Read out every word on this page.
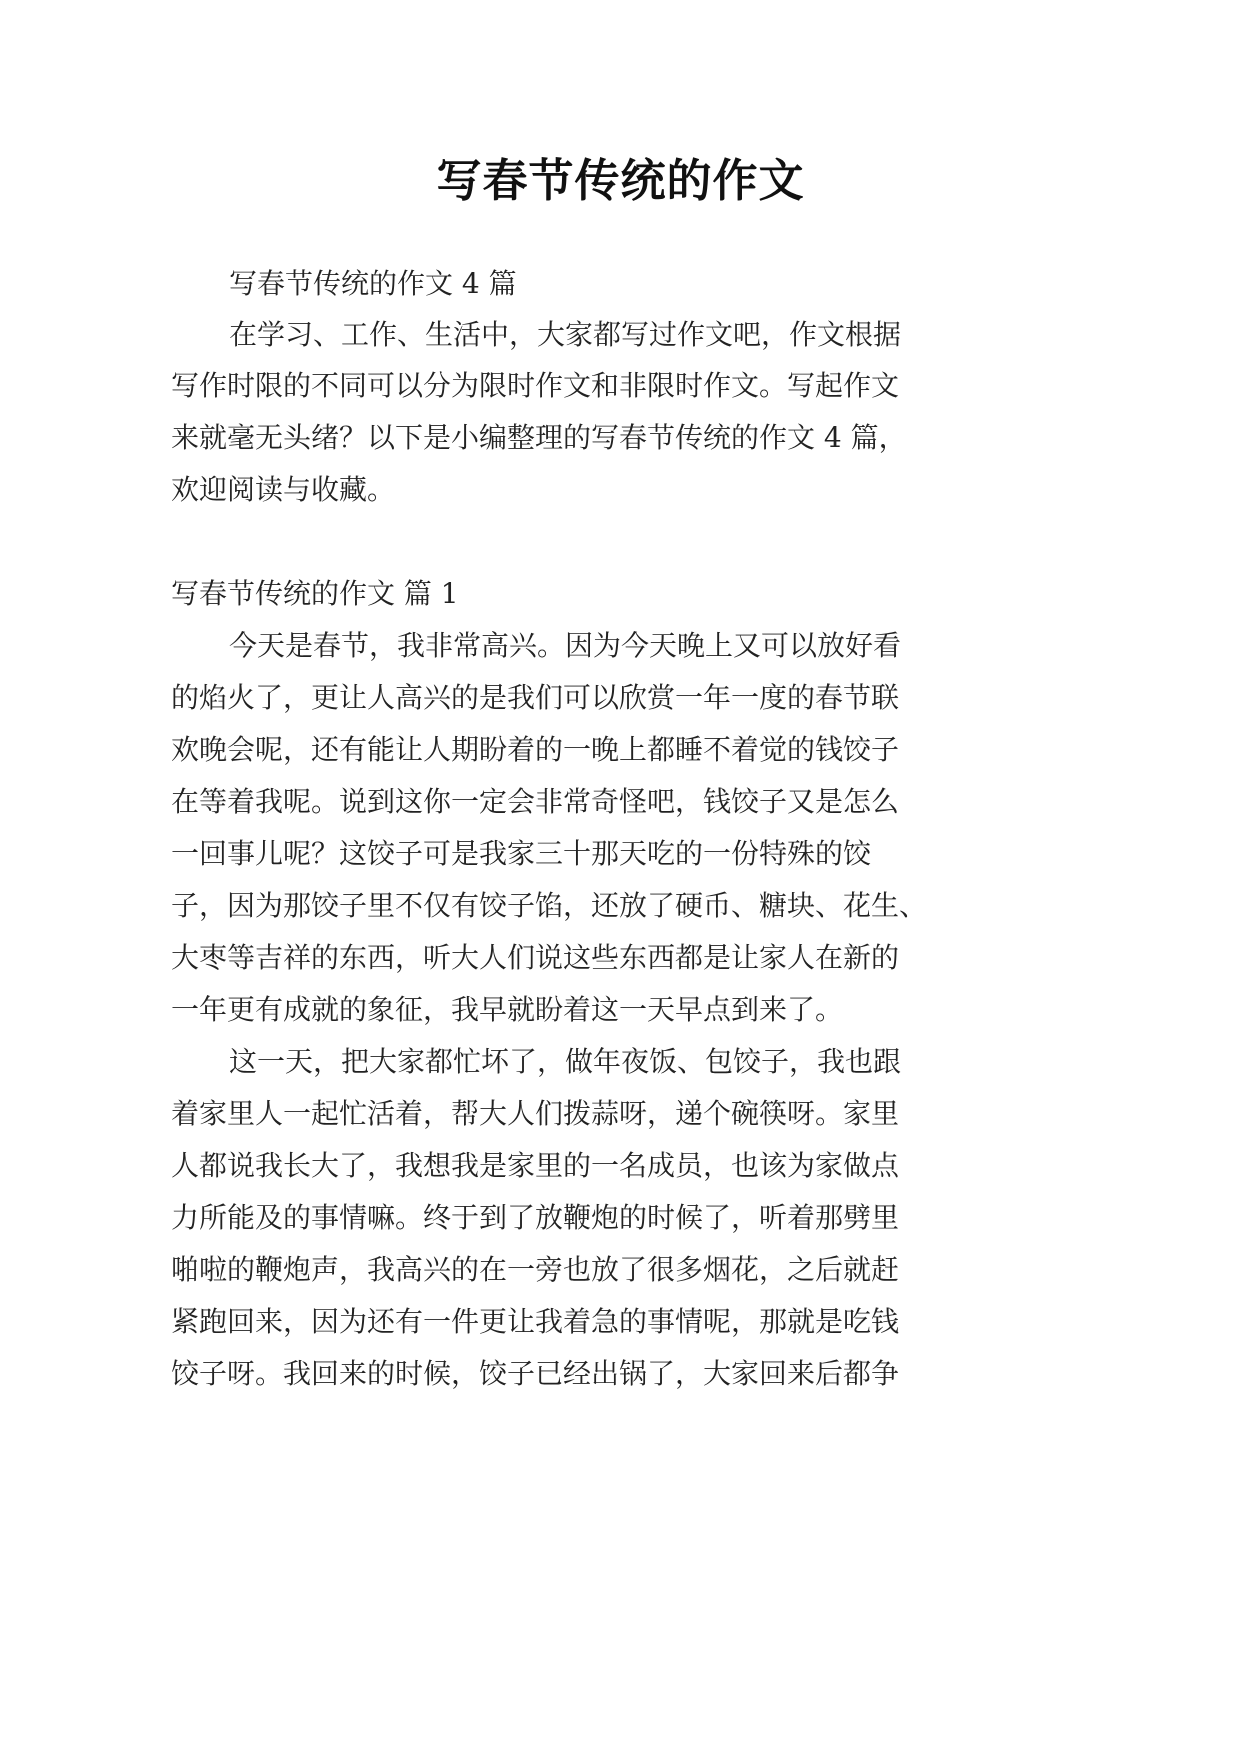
写春节传统的作文
写春节传统的作文 4 篇
在学习、工作、生活中，大家都写过作文吧，作文根据
写作时限的不同可以分为限时作文和非限时作文。写起作文
来就毫无头绪？以下是小编整理的写春节传统的作文 4 篇，
欢迎阅读与收藏。
写春节传统的作文 篇 1
今天是春节，我非常高兴。因为今天晚上又可以放好看
的焰火了，更让人高兴的是我们可以欣赏一年一度的春节联
欢晚会呢，还有能让人期盼着的一晚上都睡不着觉的钱饺子
在等着我呢。说到这你一定会非常奇怪吧，钱饺子又是怎么
一回事儿呢？这饺子可是我家三十那天吃的一份特殊的饺
子，因为那饺子里不仅有饺子馅，还放了硬币、糖块、花生、
大枣等吉祥的东西，听大人们说这些东西都是让家人在新的
一年更有成就的象征，我早就盼着这一天早点到来了。
这一天，把大家都忙坏了，做年夜饭、包饺子，我也跟
着家里人一起忙活着，帮大人们拨蒜呀，递个碗筷呀。家里
人都说我长大了，我想我是家里的一名成员，也该为家做点
力所能及的事情嘛。终于到了放鞭炮的时候了，听着那劈里
啪啦的鞭炮声，我高兴的在一旁也放了很多烟花，之后就赶
紧跑回来，因为还有一件更让我着急的事情呢，那就是吃钱
饺子呀。我回来的时候，饺子已经出锅了，大家回来后都争
